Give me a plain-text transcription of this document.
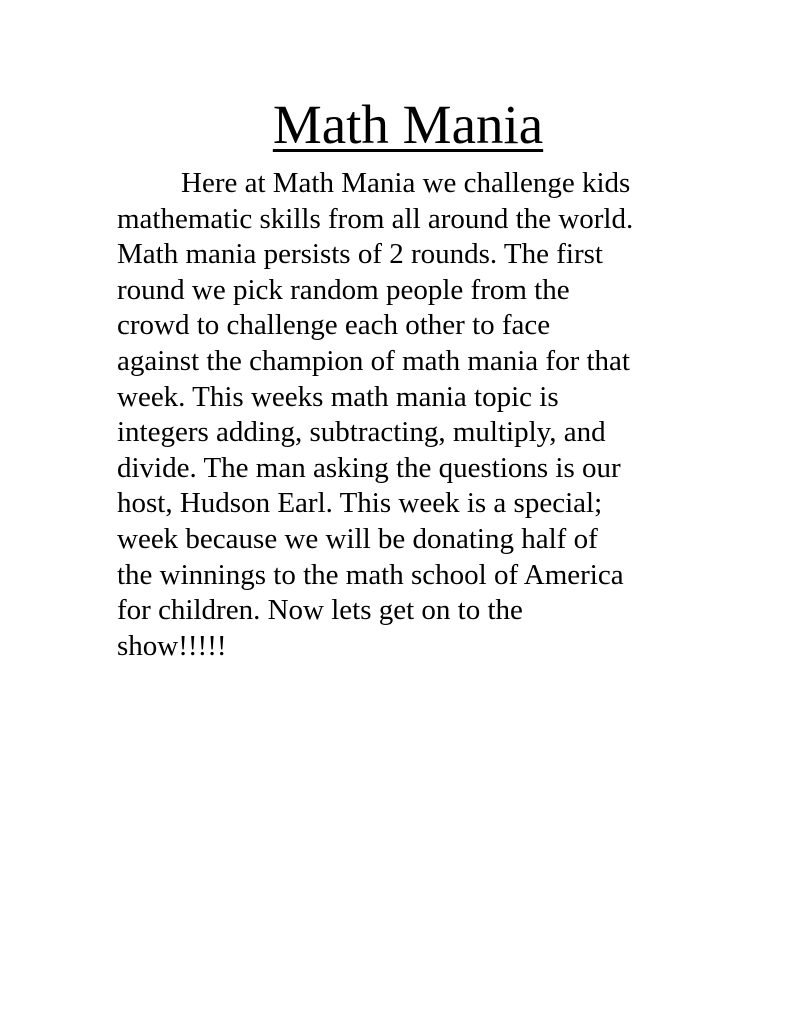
Math Mania
Here at Math Mania we challenge kids
mathematic skills from all around the world.
Math mania persists of 2 rounds. The first
round we pick random people from the
crowd to challenge each other to face
against the champion of math mania for that
week. This weeks math mania topic is
integers adding, subtracting, multiply, and
divide. The man asking the questions is our
host, Hudson Earl. This week is a special;
week because we will be donating half of
the winnings to the math school of America
for children. Now lets get on to the
show!!!!!
